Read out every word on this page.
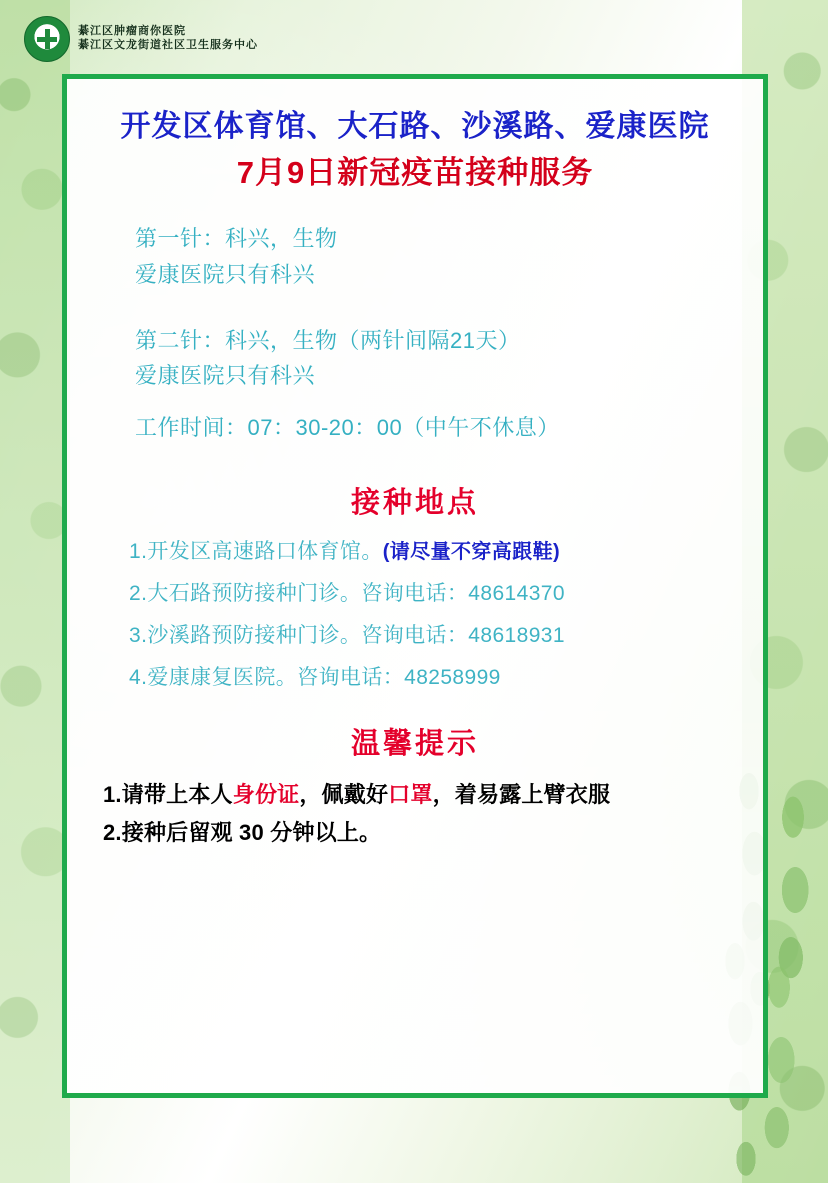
綦江区肿瘤商你医院
綦江区文龙街道社区卫生服务中心
开发区体育馆、大石路、沙溪路、爱康医院
7月9日新冠疫苗接种服务
第一针：科兴，生物
爱康医院只有科兴
第二针：科兴，生物（两针间隔21天）
爱康医院只有科兴
工作时间：07：30-20：00（中午不休息）
接种地点
1.开发区高速路口体育馆。(请尽量不穿高跟鞋)
2.大石路预防接种门诊。咨询电话：48614370
3.沙溪路预防接种门诊。咨询电话：48618931
4.爱康康复医院。咨询电话：48258999
温馨提示
1.请带上本人身份证，佩戴好口罩，着易露上臂衣服
2.接种后留观 30 分钟以上。
